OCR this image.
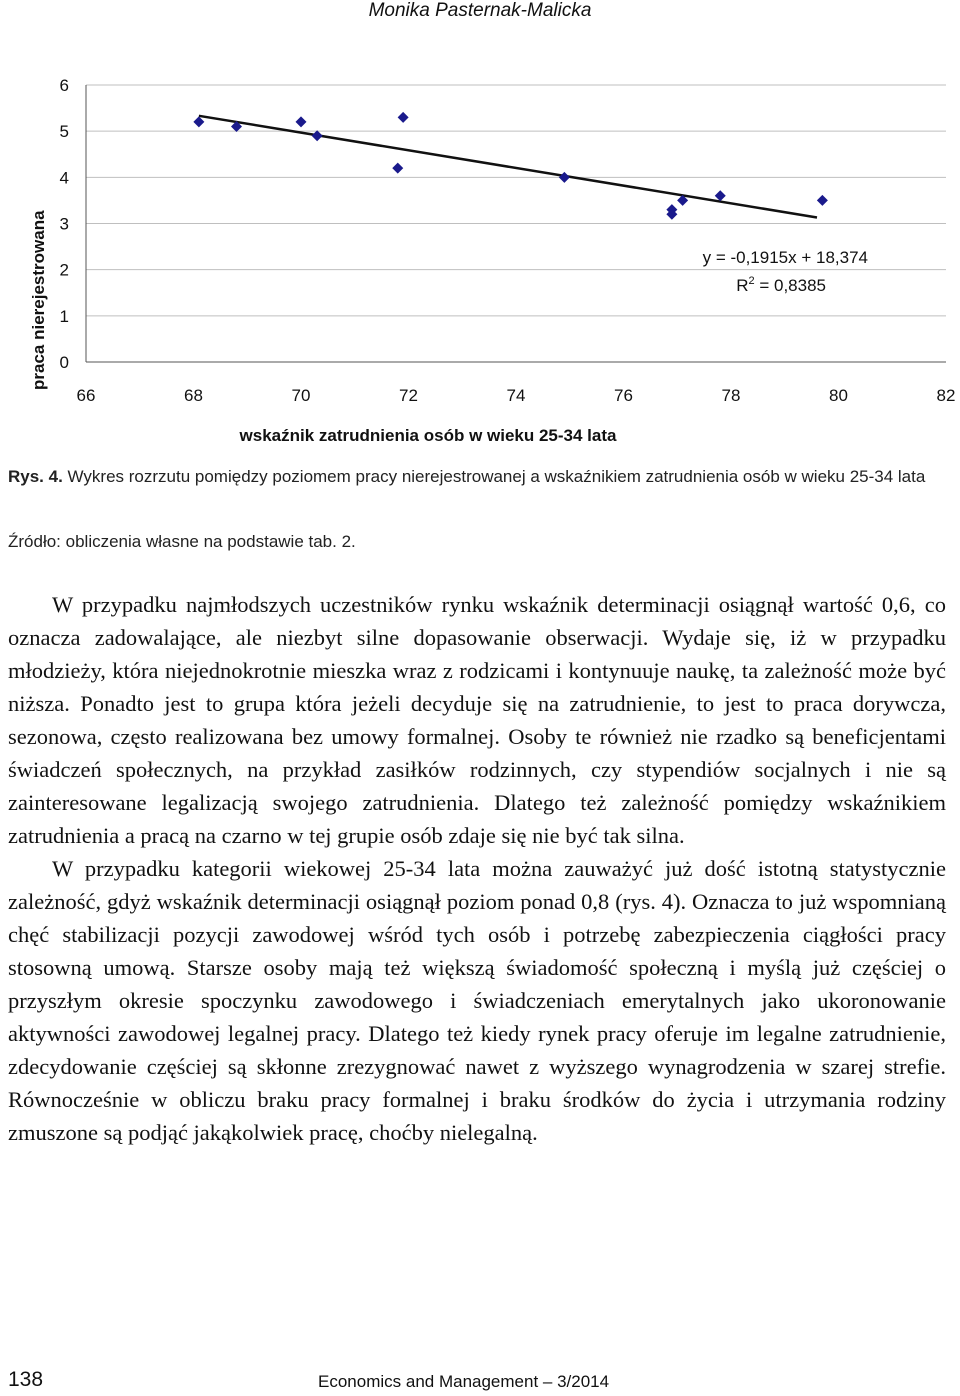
Monika Pasternak-Malicka
0
1
2
3
4
5
6
66	68	70	72	74	76	78	80	82
praca nierejestrowana
wskaźnik zatrudnienia osób w wieku 25-34 lata
y = -0,1915x + 18,374
$R^2 = 0,8385$
Rys. 4. Wykres rozrzutu pomiędzy poziomem pracy nierejestrowanej a wskaźnikiem zatrudnienia osób w wieku 25-34 lata
Źródło: obliczenia własne na podstawie tab. 2.

W przypadku najmłodszych uczestników rynku wskaźnik determinacji osiągnął wartość 0,6, co oznacza zadowalające, ale niezbyt silne dopasowanie obserwacji. Wydaje się, iż w przypadku młodzieży, która niejednokrotnie mieszka wraz z rodzicami i kontynuuje naukę, ta zależność może być niższa. Ponadto jest to grupa która jeżeli decyduje się na zatrudnienie, to jest to praca dorywcza, sezonowa, często realizowana bez umowy formalnej. Osoby te również nie rzadko są beneficjentami świadczeń społecznych, na przykład zasiłków rodzinnych, czy stypendiów socjalnych i nie są zainteresowane legalizacją swojego zatrudnienia. Dlatego też zależność pomiędzy wskaźnikiem zatrudnienia a pracą na czarno w tej grupie osób zdaje się nie być tak silna.

W przypadku kategorii wiekowej 25-34 lata można zauważyć już dość istotną statystycznie zależność, gdyż wskaźnik determinacji osiągnął poziom ponad 0,8 (rys. 4). Oznacza to już wspomnianą chęć stabilizacji pozycji zawodowej wśród tych osób i potrzebę zabezpieczenia ciągłości pracy stosowną umową. Starsze osoby mają też większą świadomość społeczną i myślą już częściej o przyszłym okresie spoczynku zawodowego i świadczeniach emerytalnych jako ukoronowanie aktywności zawodowej legalnej pracy. Dlatego też kiedy rynek pracy oferuje im legalne zatrudnienie, zdecydowanie częściej są skłonne zrezygnować nawet z wyższego wynagrodzenia w szarej strefie. Równocześnie w obliczu braku pracy formalnej i braku środków do życia i utrzymania rodziny zmuszone są podjąć jakąkolwiek pracę, choćby nielegalną.

138	Economics and Management – 3/2014
